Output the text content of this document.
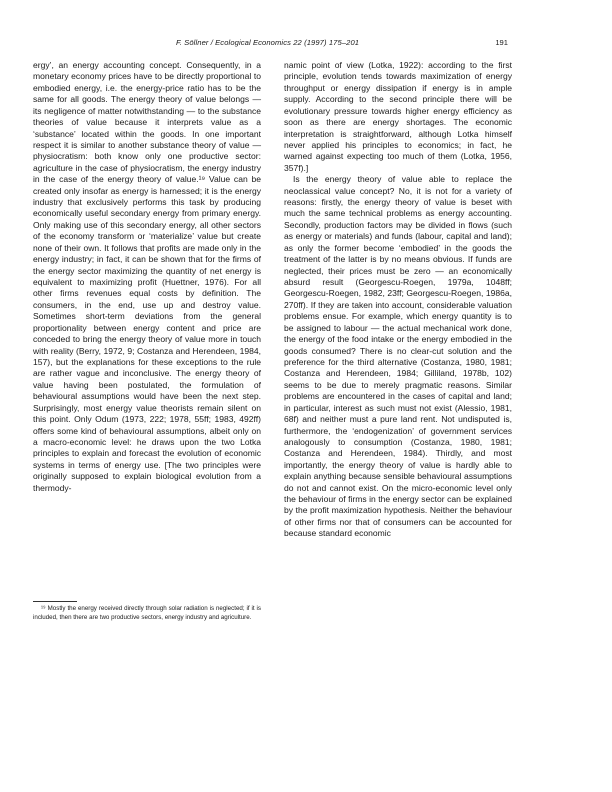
F. Söllner / Ecological Economics 22 (1997) 175–201	191

ergy’, an energy accounting concept. Consequently, in a monetary economy prices have to be directly proportional to embodied energy, i.e. the energy-price ratio has to be the same for all goods. The energy theory of value belongs — its negligence of matter notwithstanding — to the substance theories of value because it interprets value as a ‘substance’ located within the goods. In one important respect it is similar to another substance theory of value — physiocratism: both know only one productive sector: agriculture in the case of physiocratism, the energy industry in the case of the energy theory of value.¹⁹ Value can be created only insofar as energy is harnessed; it is the energy industry that exclusively performs this task by producing economically useful secondary energy from primary energy. Only making use of this secondary energy, all other sectors of the economy transform or ‘materialize’ value but create none of their own. It follows that profits are made only in the energy industry; in fact, it can be shown that for the firms of the energy sector maximizing the quantity of net energy is equivalent to maximizing profit (Huettner, 1976). For all other firms revenues equal costs by definition. The consumers, in the end, use up and destroy value. Sometimes short-term deviations from the general proportionality between energy content and price are conceded to bring the energy theory of value more in touch with reality (Berry, 1972, 9; Costanza and Herendeen, 1984, 157), but the explanations for these exceptions to the rule are rather vague and inconclusive. The energy theory of value having been postulated, the formulation of behavioural assumptions would have been the next step. Surprisingly, most energy value theorists remain silent on this point. Only Odum (1973, 222; 1978, 55ff; 1983, 492ff) offers some kind of behavioural assumptions, albeit only on a macro-economic level: he draws upon the two Lotka principles to explain and forecast the evolution of economic systems in terms of energy use. [The two principles were originally supposed to explain biological evolution from a thermody-

¹⁹ Mostly the energy received directly through solar radiation is neglected; if it is included, then there are two productive sectors, energy industry and agriculture.

namic point of view (Lotka, 1922): according to the first principle, evolution tends towards maximization of energy throughput or energy dissipation if energy is in ample supply. According to the second principle there will be evolutionary pressure towards higher energy efficiency as soon as there are energy shortages. The economic interpretation is straightforward, although Lotka himself never applied his principles to economics; in fact, he warned against expecting too much of them (Lotka, 1956, 357f).]

Is the energy theory of value able to replace the neoclassical value concept? No, it is not for a variety of reasons: firstly, the energy theory of value is beset with much the same technical problems as energy accounting. Secondly, production factors may be divided in flows (such as energy or materials) and funds (labour, capital and land); as only the former become ‘embodied’ in the goods the treatment of the latter is by no means obvious. If funds are neglected, their prices must be zero — an economically absurd result (Georgescu-Roegen, 1979a, 1048ff; Georgescu-Roegen, 1982, 23ff; Georgescu-Roegen, 1986a, 270ff). If they are taken into account, considerable valuation problems ensue. For example, which energy quantity is to be assigned to labour — the actual mechanical work done, the energy of the food intake or the energy embodied in the goods consumed? There is no clear-cut solution and the preference for the third alternative (Costanza, 1980, 1981; Costanza and Herendeen, 1984; Gilliland, 1978b, 102) seems to be due to merely pragmatic reasons. Similar problems are encountered in the cases of capital and land; in particular, interest as such must not exist (Alessio, 1981, 68f) and neither must a pure land rent. Not undisputed is, furthermore, the ‘endogenization’ of government services analogously to consumption (Costanza, 1980, 1981; Costanza and Herendeen, 1984). Thirdly, and most importantly, the energy theory of value is hardly able to explain anything because sensible behavioural assumptions do not and cannot exist. On the micro-economic level only the behaviour of firms in the energy sector can be explained by the profit maximization hypothesis. Neither the behaviour of other firms nor that of consumers can be accounted for because standard economic
